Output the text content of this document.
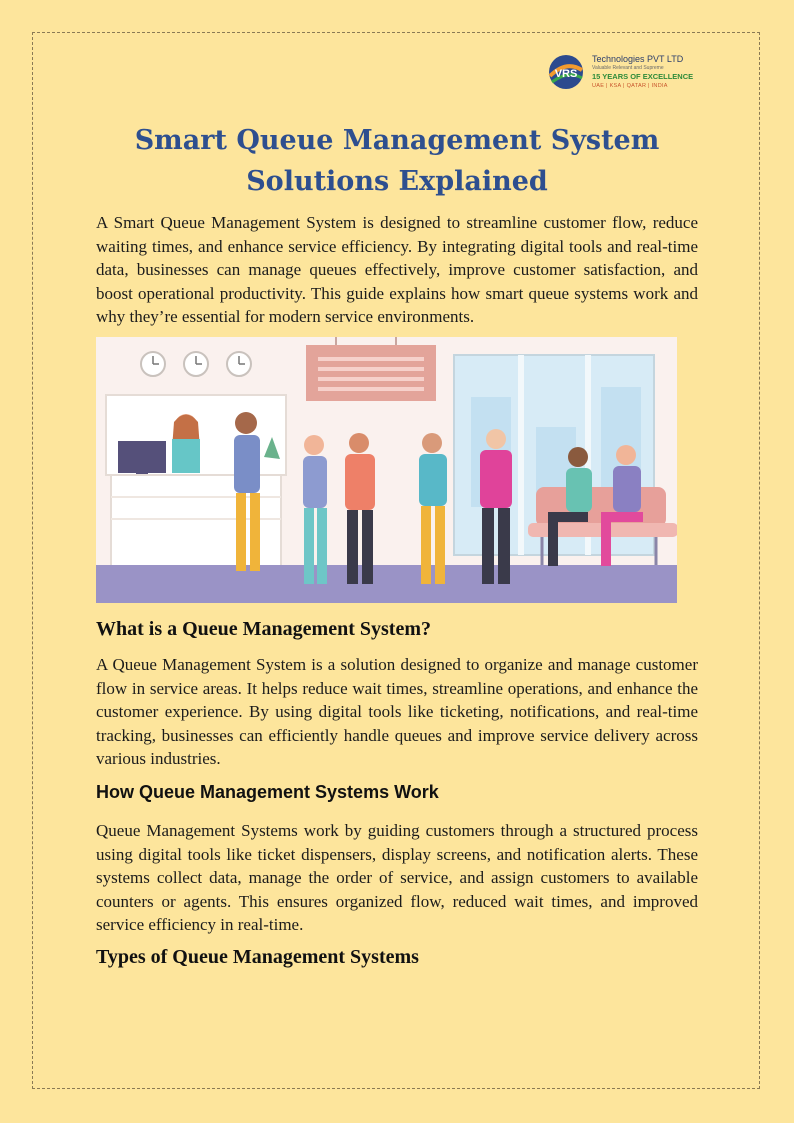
VRS
Technologies PVT LTD
Valuable Relevant and Supreme
15 YEARS OF EXCELLENCE
UAE | KSA | QATAR | INDIA
Smart Queue Management System Solutions Explained

A Smart Queue Management System is designed to streamline customer flow, reduce waiting times, and enhance service efficiency. By integrating digital tools and real-time data, businesses can manage queues effectively, improve customer satisfaction, and boost operational productivity. This guide explains how smart queue systems work and why they’re essential for modern service environments.

What is a Queue Management System?

A Queue Management System is a solution designed to organize and manage customer flow in service areas. It helps reduce wait times, streamline operations, and enhance the customer experience. By using digital tools like ticketing, notifications, and real-time tracking, businesses can efficiently handle queues and improve service delivery across various industries.

How Queue Management Systems Work

Queue Management Systems work by guiding customers through a structured process using digital tools like ticket dispensers, display screens, and notification alerts. These systems collect data, manage the order of service, and assign customers to available counters or agents. This ensures organized flow, reduced wait times, and improved service efficiency in real-time.

Types of Queue Management Systems
